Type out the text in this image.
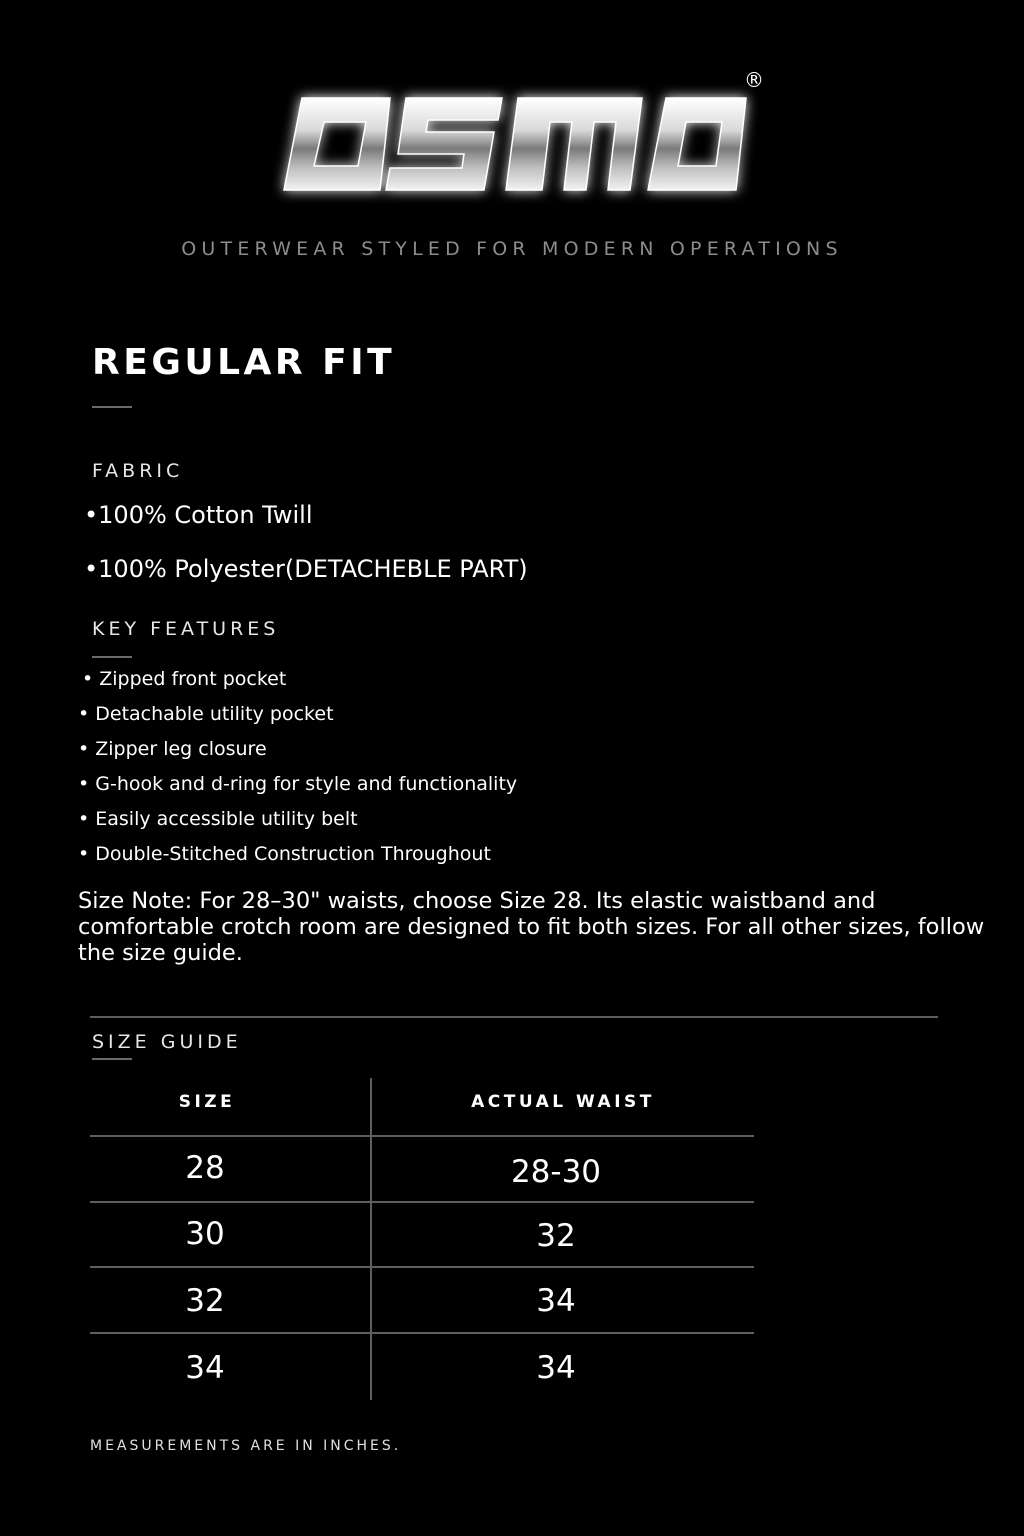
®
OUTERWEAR STYLED FOR MODERN OPERATIONS
REGULAR FIT
FABRIC
•100% Cotton Twill
•100% Polyester(DETACHEBLE PART)
KEY FEATURES
• Zipped front pocket
• Detachable utility pocket
• Zipper leg closure
• G-hook and d-ring for style and functionality
• Easily accessible utility belt
• Double-Stitched Construction Throughout
Size Note: For 28–30" waists, choose Size 28. Its elastic waistband and comfortable crotch room are designed to fit both sizes. For all other sizes, follow the size guide.
SIZE GUIDE
SIZE	ACTUAL WAIST
28	28-30
30	32
32	34
34	34
MEASUREMENTS ARE IN INCHES.
